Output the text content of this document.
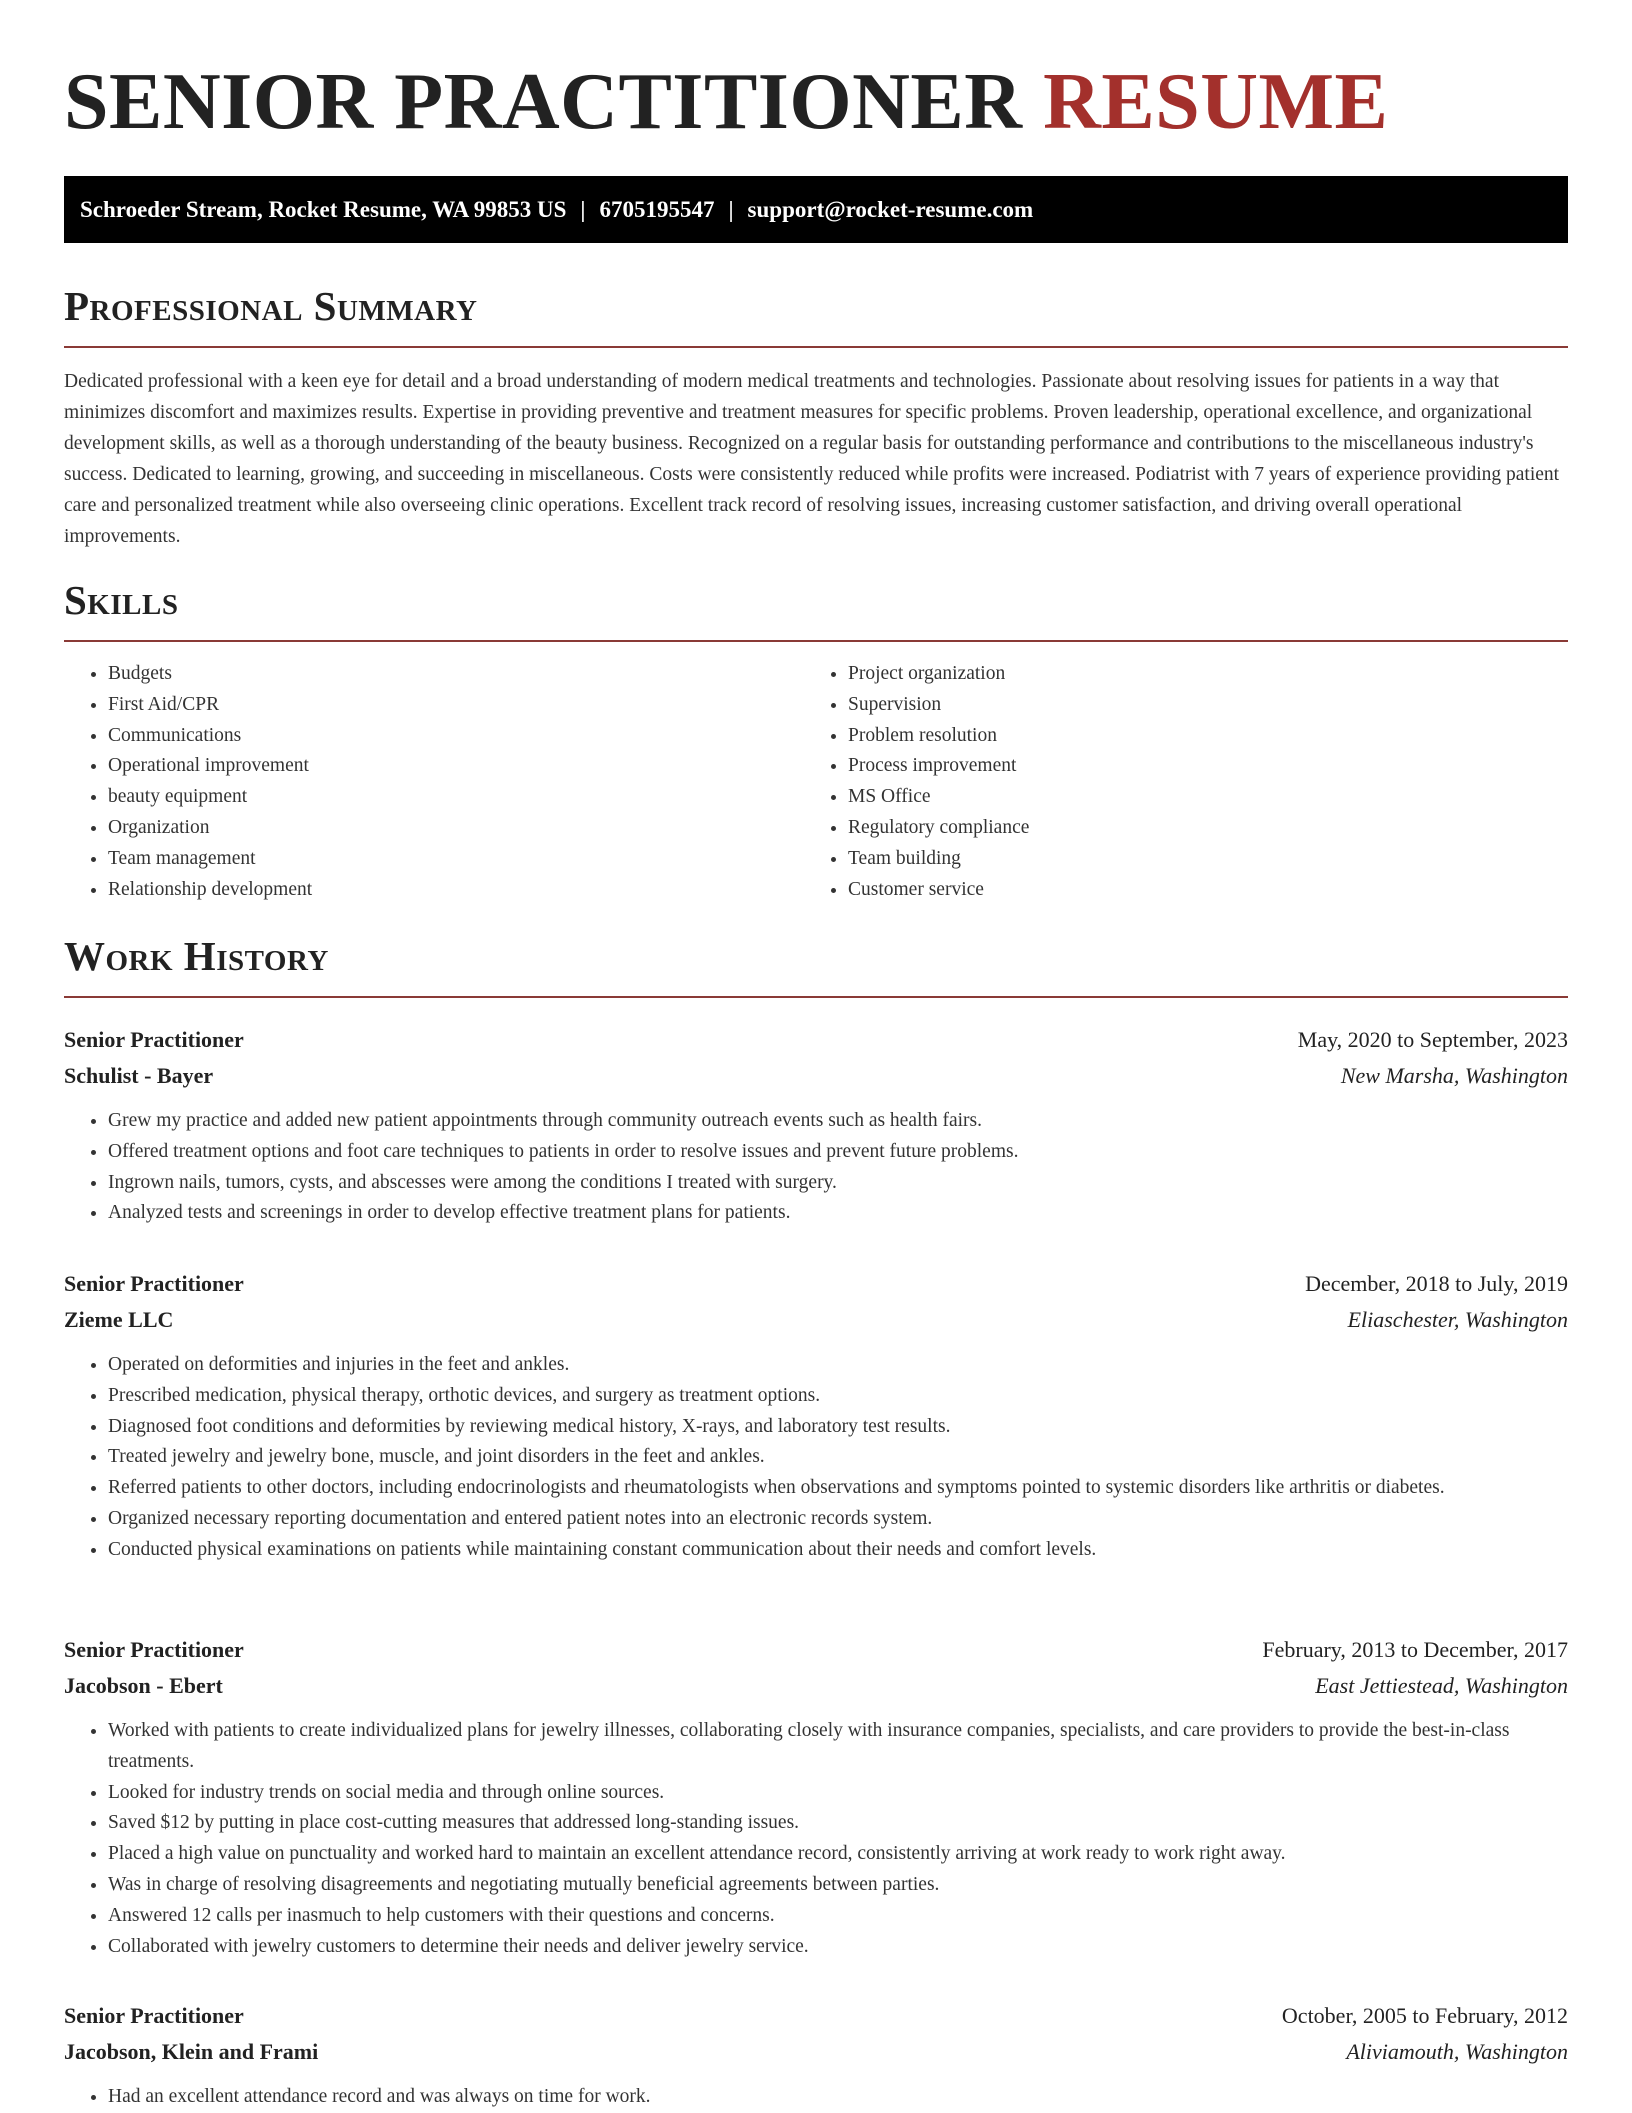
SENIOR PRACTITIONER RESUME
Schroeder Stream, Rocket Resume, WA 99853 US | 6705195547 | support@rocket-resume.com
Professional Summary

Dedicated professional with a keen eye for detail and a broad understanding of modern medical treatments and technologies. Passionate about resolving issues for patients in a way that minimizes discomfort and maximizes results. Expertise in providing preventive and treatment measures for specific problems. Proven leadership, operational excellence, and organizational development skills, as well as a thorough understanding of the beauty business. Recognized on a regular basis for outstanding performance and contributions to the miscellaneous industry's success. Dedicated to learning, growing, and succeeding in miscellaneous. Costs were consistently reduced while profits were increased. Podiatrist with 7 years of experience providing patient care and personalized treatment while also overseeing clinic operations. Excellent track record of resolving issues, increasing customer satisfaction, and driving overall operational improvements.

Skills
• Budgets
• First Aid/CPR
• Communications
• Operational improvement
• beauty equipment
• Organization
• Team management
• Relationship development
• Project organization
• Supervision
• Problem resolution
• Process improvement
• MS Office
• Regulatory compliance
• Team building
• Customer service
Work History
Senior Practitioner	May, 2020 to September, 2023
Schulist - Bayer	New Marsha, Washington
• Grew my practice and added new patient appointments through community outreach events such as health fairs.
• Offered treatment options and foot care techniques to patients in order to resolve issues and prevent future problems.
• Ingrown nails, tumors, cysts, and abscesses were among the conditions I treated with surgery.
• Analyzed tests and screenings in order to develop effective treatment plans for patients.
Senior Practitioner	December, 2018 to July, 2019
Zieme LLC	Eliaschester, Washington
• Operated on deformities and injuries in the feet and ankles.
• Prescribed medication, physical therapy, orthotic devices, and surgery as treatment options.
• Diagnosed foot conditions and deformities by reviewing medical history, X-rays, and laboratory test results.
• Treated jewelry and jewelry bone, muscle, and joint disorders in the feet and ankles.
• Referred patients to other doctors, including endocrinologists and rheumatologists when observations and symptoms pointed to systemic disorders like arthritis or diabetes.
• Organized necessary reporting documentation and entered patient notes into an electronic records system.
• Conducted physical examinations on patients while maintaining constant communication about their needs and comfort levels.
Senior Practitioner	February, 2013 to December, 2017
Jacobson - Ebert	East Jettiestead, Washington
• Worked with patients to create individualized plans for jewelry illnesses, collaborating closely with insurance companies, specialists, and care providers to provide the best-in-class treatments.
• Looked for industry trends on social media and through online sources.
• Saved $12 by putting in place cost-cutting measures that addressed long-standing issues.
• Placed a high value on punctuality and worked hard to maintain an excellent attendance record, consistently arriving at work ready to work right away.
• Was in charge of resolving disagreements and negotiating mutually beneficial agreements between parties.
• Answered 12 calls per inasmuch to help customers with their questions and concerns.
• Collaborated with jewelry customers to determine their needs and deliver jewelry service.
Senior Practitioner	October, 2005 to February, 2012
Jacobson, Klein and Frami	Aliviamouth, Washington
• Had an excellent attendance record and was always on time for work.
